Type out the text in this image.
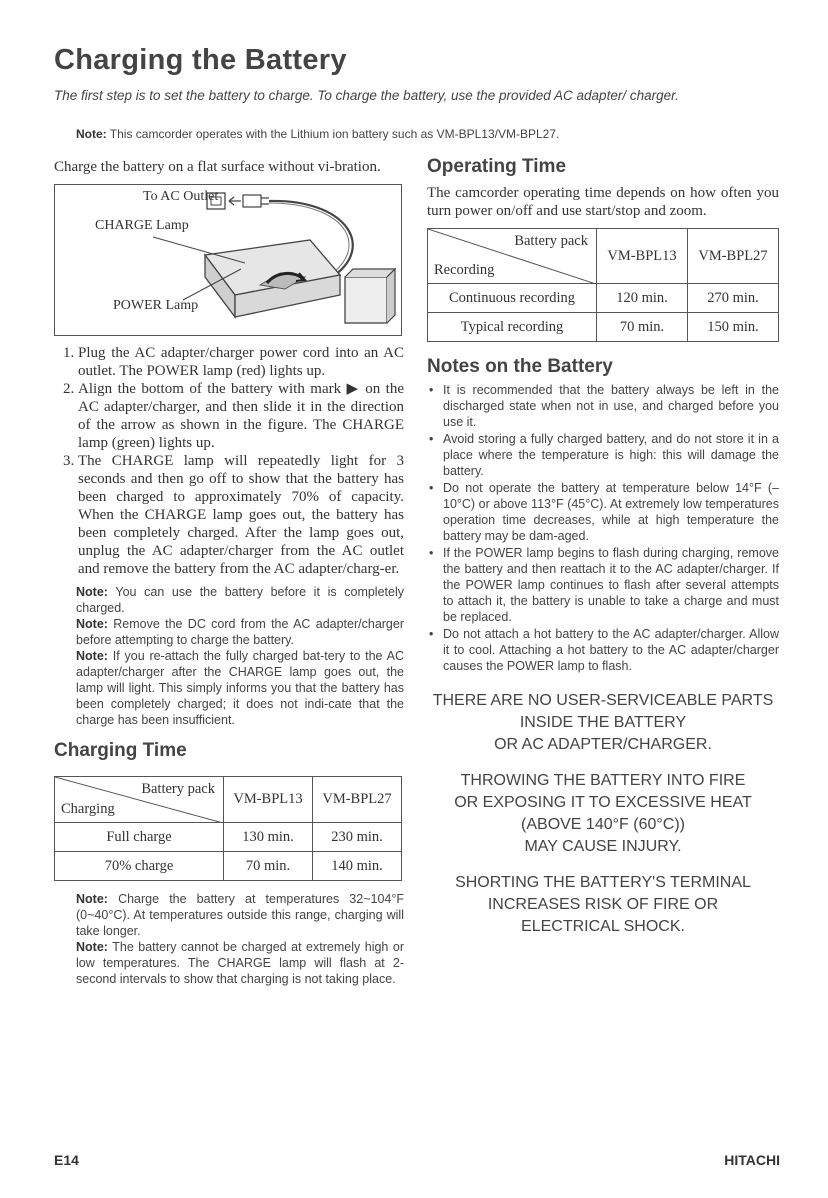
Charging the Battery

The first step is to set the battery to charge. To charge the battery, use the provided AC adapter/ charger.

Note: This camcorder operates with the Lithium ion battery such as VM-BPL13/VM-BPL27.

Charge the battery on a flat surface without vi-bration.

To AC Outlet
CHARGE Lamp
POWER Lamp
1. Plug the AC adapter/charger power cord into an AC outlet. The POWER lamp (red) lights up.
2. Align the bottom of the battery with mark ▶ on the AC adapter/charger, and then slide it in the direction of the arrow as shown in the figure. The CHARGE lamp (green) lights up.
3. The CHARGE lamp will repeatedly light for 3 seconds and then go off to show that the battery has been charged to approximately 70% of capacity. When the CHARGE lamp goes out, the battery has been completely charged. After the lamp goes out, unplug the AC adapter/charger from the AC outlet and remove the battery from the AC adapter/charg-er.
Note: You can use the battery before it is completely charged.
Note: Remove the DC cord from the AC adapter/charger before attempting to charge the battery.
Note: If you re-attach the fully charged bat-tery to the AC adapter/charger after the CHARGE lamp goes out, the lamp will light. This simply informs you that the battery has been completely charged; it does not indi-cate that the charge has been insufficient.
Charging Time
Battery pack
Charging	VM-BPL13	VM-BPL27
Full charge	130 min.	230 min.
70% charge	70 min.	140 min.
Note: Charge the battery at temperatures 32~104°F (0~40°C). At temperatures outside this range, charging will take longer.
Note: The battery cannot be charged at extremely high or low temperatures. The CHARGE lamp will flash at 2-second intervals to show that charging is not taking place.
Operating Time

The camcorder operating time depends on how often you turn power on/off and use start/stop and zoom.

Battery pack
Recording	VM-BPL13	VM-BPL27
Continuous recording	120 min.	270 min.
Typical recording	70 min.	150 min.
Notes on the Battery
• It is recommended that the battery always be left in the discharged state when not in use, and charged before you use it.
• Avoid storing a fully charged battery, and do not store it in a place where the temperature is high: this will damage the battery.
• Do not operate the battery at temperature below 14°F (–10°C) or above 113°F (45°C). At extremely low temperatures operation time decreases, while at high temperature the battery may be dam-aged.
• If the POWER lamp begins to flash during charging, remove the battery and then reattach it to the AC adapter/charger. If the POWER lamp continues to flash after several attempts to attach it, the battery is unable to take a charge and must be replaced.
• Do not attach a hot battery to the AC adapter/charger. Allow it to cool. Attaching a hot battery to the AC adapter/charger causes the POWER lamp to flash.

THERE ARE NO USER-SERVICEABLE PARTS
INSIDE THE BATTERY
OR AC ADAPTER/CHARGER.

THROWING THE BATTERY INTO FIRE
OR EXPOSING IT TO EXCESSIVE HEAT
(ABOVE 140°F (60°C))
MAY CAUSE INJURY.

SHORTING THE BATTERY'S TERMINAL
INCREASES RISK OF FIRE OR
ELECTRICAL SHOCK.

E14	HITACHI
